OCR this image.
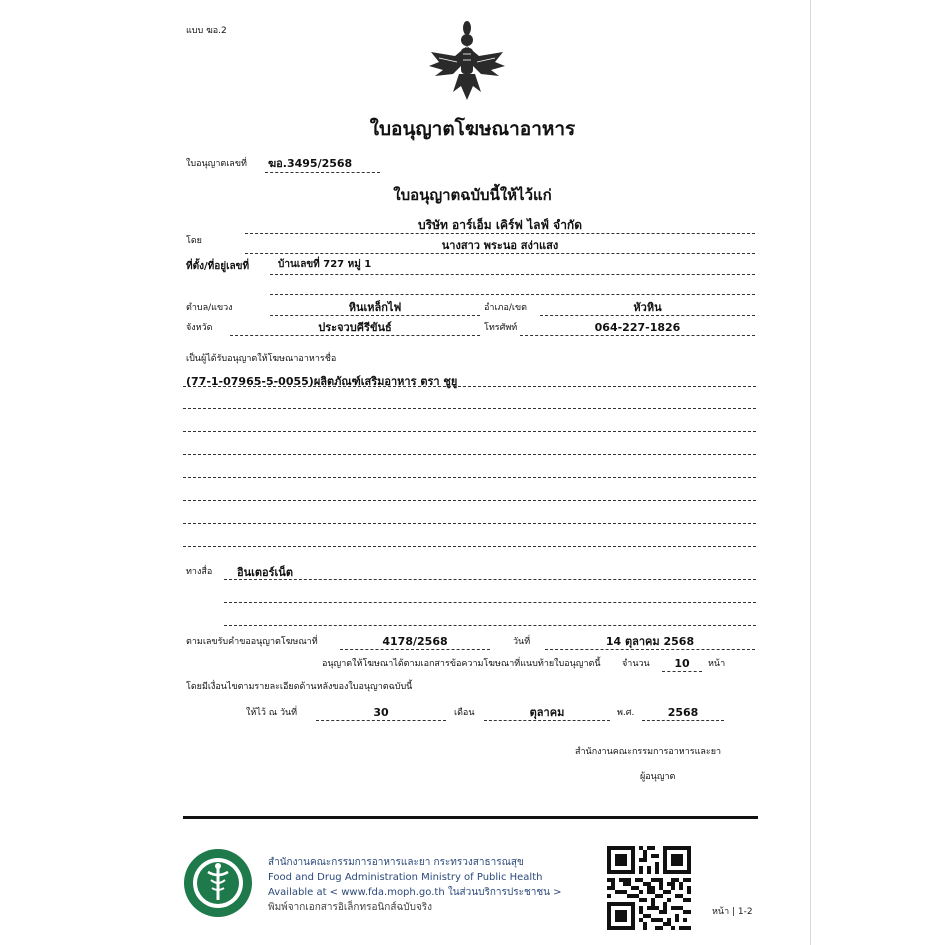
แบบ ฆอ.2
ใบอนุญาตโฆษณาอาหาร
ใบอนุญาตเลขที่ ฆอ.3495/2568
ใบอนุญาตฉบับนี้ให้ไว้แก่
บริษัท อาร์เอ็ม เคิร์ฟ ไลฟ์ จำกัด
โดย	นางสาว พระนอ สง่าแสง
ที่ตั้ง/ที่อยู่เลขที่	บ้านเลขที่ 727 หมู่ 1
ตำบล/แขวง	หินเหล็กไฟ	อำเภอ/เขต	หัวหิน
จังหวัด	ประจวบคีรีขันธ์	โทรศัพท์	064-227-1826
เป็นผู้ได้รับอนุญาตให้โฆษณาอาหารชื่อ
(77-1-07965-5-0055)ผลิตภัณฑ์เสริมอาหาร ตรา ชูยู
ทางสื่อ อินเตอร์เน็ต
ตามเลขรับคำขออนุญาตโฆษณาที่	4178/2568	วันที่	14 ตุลาคม 2568
อนุญาตให้โฆษณาได้ตามเอกสารข้อความโฆษณาที่แนบท้ายใบอนุญาตนี้ จำนวน	10	หน้า
โดยมีเงื่อนไขตามรายละเอียดด้านหลังของใบอนุญาตฉบับนี้
ให้ไว้ ณ วันที่	30	เดือน	ตุลาคม	พ.ศ.	2568
สำนักงานคณะกรรมการอาหารและยา
ผู้อนุญาต
สำนักงานคณะกรรมการอาหารและยา กระทรวงสาธารณสุข
Food and Drug Administration Ministry of Public Health
Available at < www.fda.moph.go.th ในส่วนบริการประชาชน >
พิมพ์จากเอกสารอิเล็กทรอนิกส์ฉบับจริง	หน้า | 1-2
